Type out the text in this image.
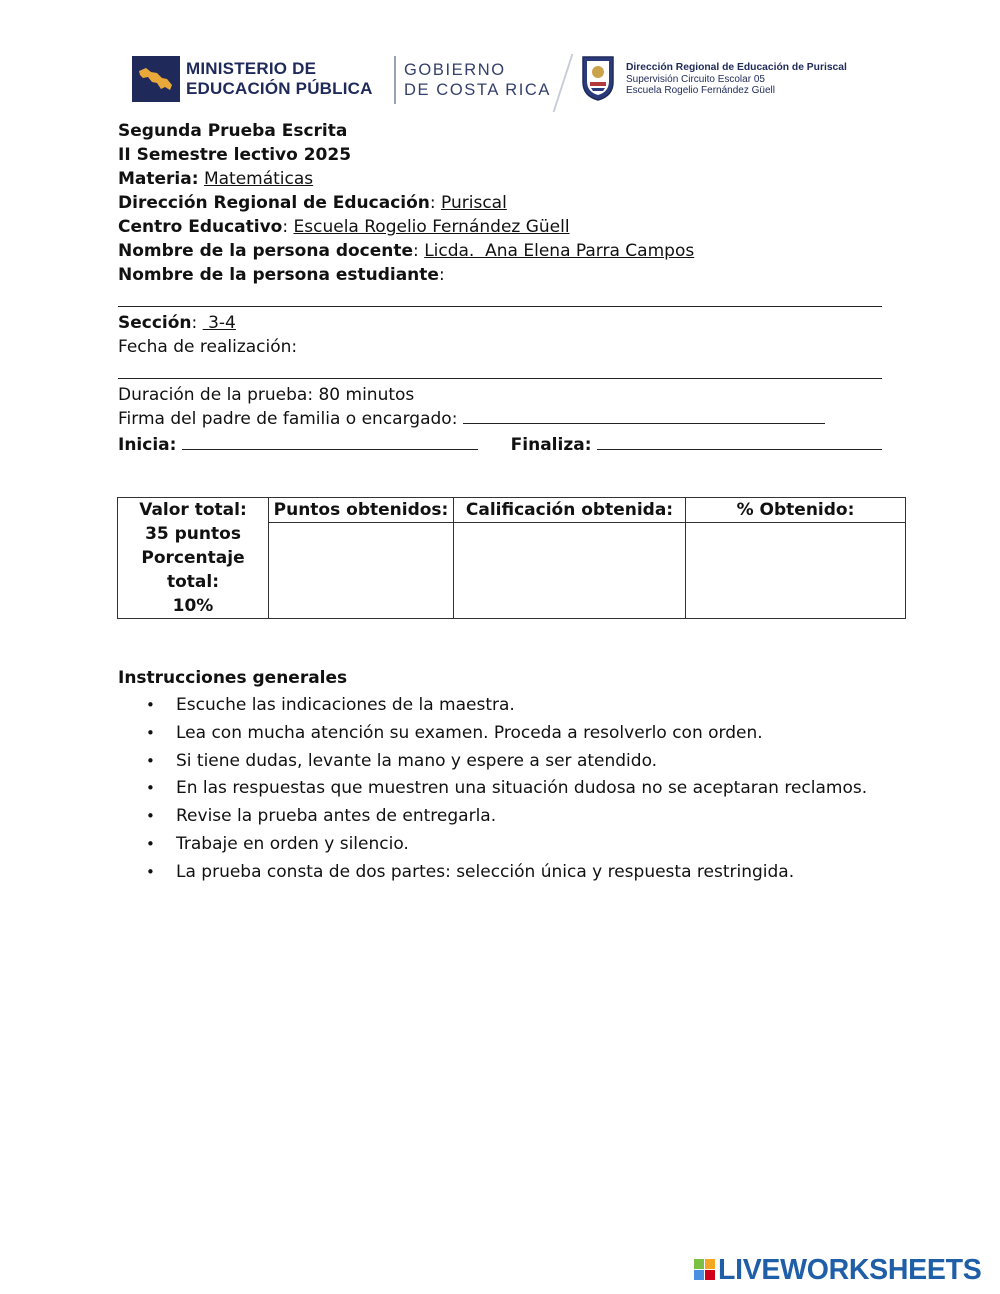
MINISTERIO DE
EDUCACIÓN PÚBLICA
GOBIERNO
DE COSTA RICA
Dirección Regional de Educación de Puriscal
Supervisión Circuito Escolar 05
Escuela Rogelio Fernández Güell
Segunda Prueba Escrita
II Semestre lectivo 2025
Materia: Matemáticas
Dirección Regional de Educación: Puriscal
Centro Educativo: Escuela Rogelio Fernández Güell
Nombre de la persona docente: Licda.  Ana Elena Parra Campos
Nombre de la persona estudiante:
Sección:  3-4
Fecha de realización:
Duración de la prueba: 80 minutos
Firma del padre de familia o encargado:
Inicia:	Finaliza:
Valor total:
35 puntos
Porcentaje
total:
10%	Puntos obtenidos:	Calificación obtenida:	% Obtenido:

Instrucciones generales
• Escuche las indicaciones de la maestra.
• Lea con mucha atención su examen. Proceda a resolverlo con orden.
• Si tiene dudas, levante la mano y espere a ser atendido.
• En las respuestas que muestren una situación dudosa no se aceptaran reclamos.
• Revise la prueba antes de entregarla.
• Trabaje en orden y silencio.
• La prueba consta de dos partes: selección única y respuesta restringida.
LIVEWORKSHEETS
